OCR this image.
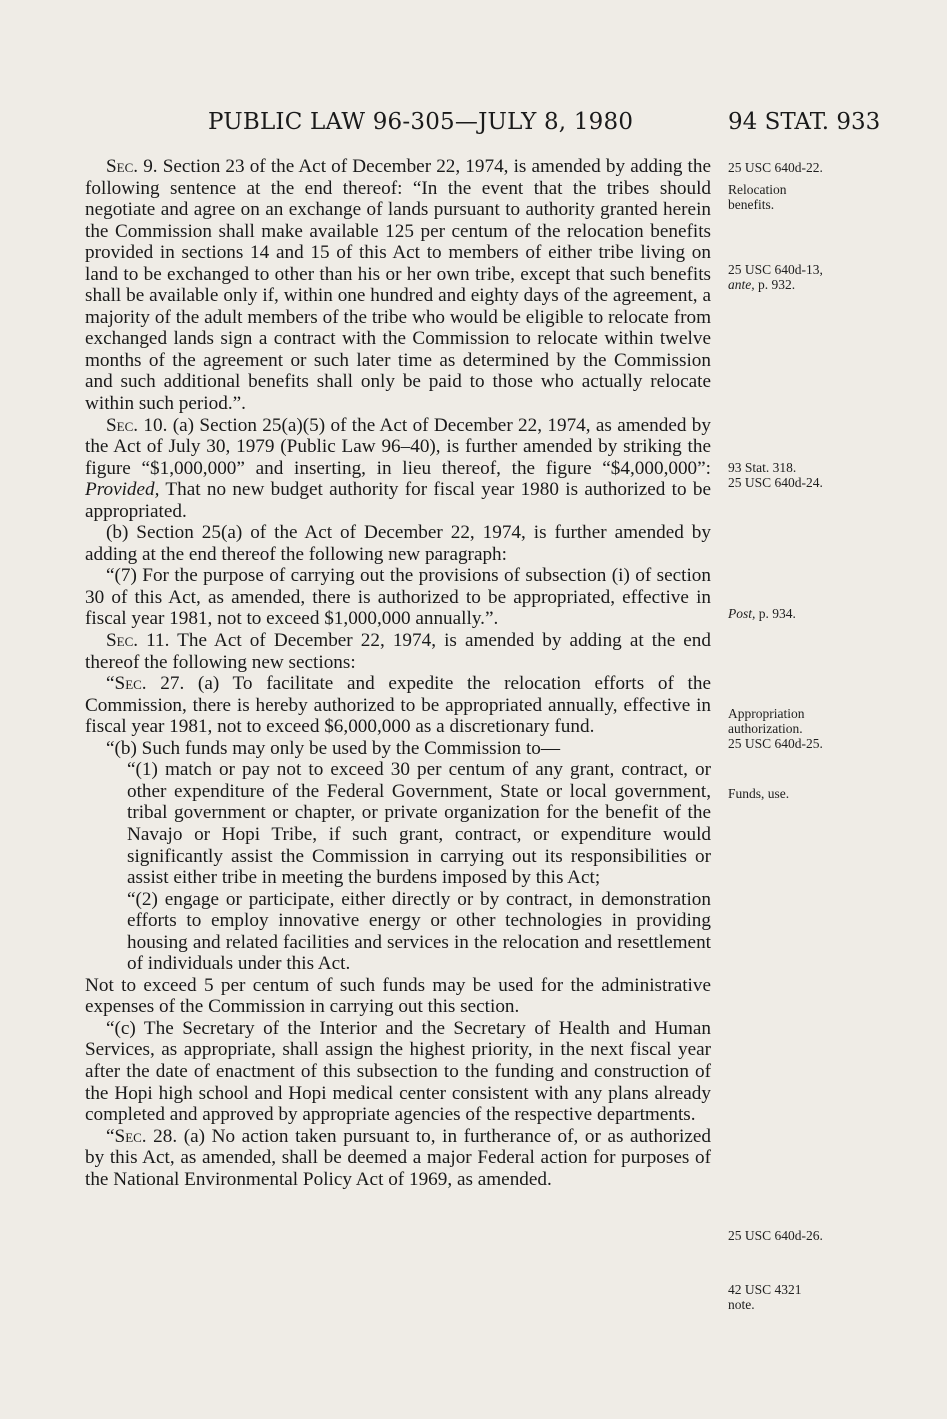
PUBLIC LAW 96-305—JULY 8, 1980	94 STAT. 933

Sec. 9. Section 23 of the Act of December 22, 1974, is amended by adding the following sentence at the end thereof: “In the event that the tribes should negotiate and agree on an exchange of lands pursuant to authority granted herein the Commission shall make available 125 per centum of the relocation benefits provided in sections 14 and 15 of this Act to members of either tribe living on land to be exchanged to other than his or her own tribe, except that such benefits shall be available only if, within one hundred and eighty days of the agreement, a majority of the adult members of the tribe who would be eligible to relocate from exchanged lands sign a contract with the Commission to relocate within twelve months of the agreement or such later time as determined by the Commission and such additional benefits shall only be paid to those who actually relocate within such period.”.

Sec. 10. (a) Section 25(a)(5) of the Act of December 22, 1974, as amended by the Act of July 30, 1979 (Public Law 96–40), is further amended by striking the figure “$1,000,000” and inserting, in lieu thereof, the figure “$4,000,000”: Provided, That no new budget authority for fiscal year 1980 is authorized to be appropriated.

(b) Section 25(a) of the Act of December 22, 1974, is further amended by adding at the end thereof the following new paragraph:

“(7) For the purpose of carrying out the provisions of subsection (i) of section 30 of this Act, as amended, there is authorized to be appropriated, effective in fiscal year 1981, not to exceed $1,000,000 annually.”.

Sec. 11. The Act of December 22, 1974, is amended by adding at the end thereof the following new sections:

“Sec. 27. (a) To facilitate and expedite the relocation efforts of the Commission, there is hereby authorized to be appropriated annually, effective in fiscal year 1981, not to exceed $6,000,000 as a discretionary fund.

“(b) Such funds may only be used by the Commission to—

“(1) match or pay not to exceed 30 per centum of any grant, contract, or other expenditure of the Federal Government, State or local government, tribal government or chapter, or private organization for the benefit of the Navajo or Hopi Tribe, if such grant, contract, or expenditure would significantly assist the Commission in carrying out its responsibilities or assist either tribe in meeting the burdens imposed by this Act;

“(2) engage or participate, either directly or by contract, in demonstration efforts to employ innovative energy or other technologies in providing housing and related facilities and services in the relocation and resettlement of individuals under this Act.

Not to exceed 5 per centum of such funds may be used for the administrative expenses of the Commission in carrying out this section.

“(c) The Secretary of the Interior and the Secretary of Health and Human Services, as appropriate, shall assign the highest priority, in the next fiscal year after the date of enactment of this subsection to the funding and construction of the Hopi high school and Hopi medical center consistent with any plans already completed and approved by appropriate agencies of the respective departments.

“Sec. 28. (a) No action taken pursuant to, in furtherance of, or as authorized by this Act, as amended, shall be deemed a major Federal action for purposes of the National Environmental Policy Act of 1969, as amended.

25 USC 640d-22.
Relocation
benefits.
25 USC 640d-13,
ante, p. 932.
93 Stat. 318.
25 USC 640d-24.
Post, p. 934.
Appropriation
authorization.
25 USC 640d-25.
Funds, use.
25 USC 640d-26.
42 USC 4321
note.
